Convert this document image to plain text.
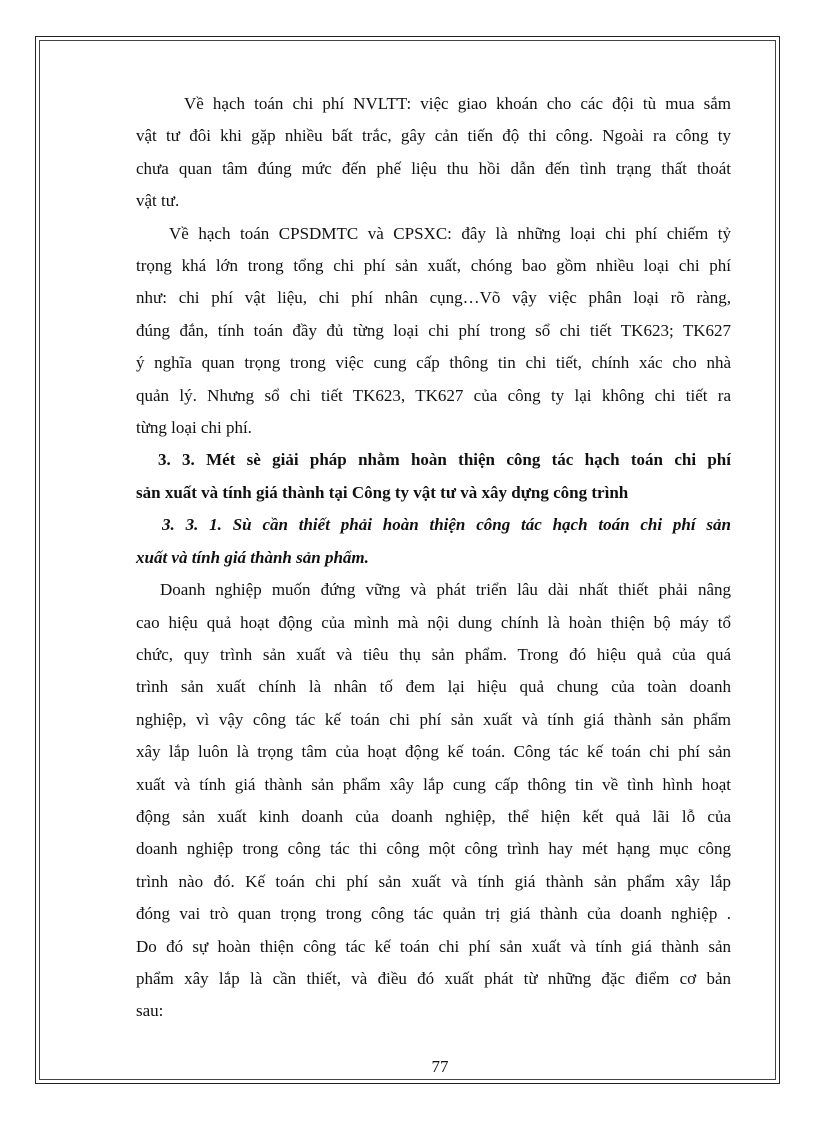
Về hạch toán chi phí NVLTT: việc giao khoán cho các đội tù mua sắm
vật tư đôi khi gặp nhiều bất trắc, gây cản tiến độ thi công. Ngoài ra công ty
chưa quan tâm đúng mức đến phế liệu thu hồi dẫn đến tình trạng thất thoát
vật tư.
Về hạch toán CPSDMTC và CPSXC: đây là những loại chi phí chiếm tỷ
trọng khá lớn trong tổng chi phí sản xuất, chóng bao gồm nhiều loại chi phí
như: chi phí vật liệu, chi phí nhân cụng…Võ vậy việc phân loại rõ ràng,
đúng đắn, tính toán đầy đủ từng loại chi phí trong sổ chi tiết TK623; TK627
ý nghĩa quan trọng trong việc cung cấp thông tin chi tiết, chính xác cho nhà
quản lý. Nhưng sổ chi tiết TK623, TK627 của công ty lại không chi tiết ra
từng loại chi phí.
3. 3. Mét sè giải pháp nhằm hoàn thiện công tác hạch toán chi phí
sản xuất và tính giá thành tại Công ty vật tư và xây dựng công trình
3. 3. 1. Sù cần thiết phải hoàn thiện công tác hạch toán chi phí sản
xuất và tính giá thành sản phẩm.
Doanh nghiệp muốn đứng vững và phát triển lâu dài nhất thiết phải nâng
cao hiệu quả hoạt động của mình mà nội dung chính là hoàn thiện bộ máy tổ
chức, quy trình sản xuất và tiêu thụ sản phẩm. Trong đó hiệu quả của quá
trình sản xuất chính là nhân tố đem lại hiệu quả chung của toàn doanh
nghiệp, vì vậy công tác kế toán chi phí sản xuất và tính giá thành sản phẩm
xây lắp luôn là trọng tâm của hoạt động kế toán. Công tác kế toán chi phí sản
xuất và tính giá thành sản phẩm xây lắp cung cấp thông tin về tình hình hoạt
động sản xuất kinh doanh của doanh nghiệp, thể hiện kết quả lãi lỗ của
doanh nghiệp trong công tác thi công một công trình hay mét hạng mục công
trình nào đó. Kế toán chi phí sản xuất và tính giá thành sản phẩm xây lắp
đóng vai trò quan trọng trong công tác quản trị giá thành của doanh nghiệp .
Do đó sự hoàn thiện công tác kế toán chi phí sản xuất và tính giá thành sản
phẩm xây lắp là cần thiết, và điều đó xuất phát từ những đặc điểm cơ bản
sau:
77
